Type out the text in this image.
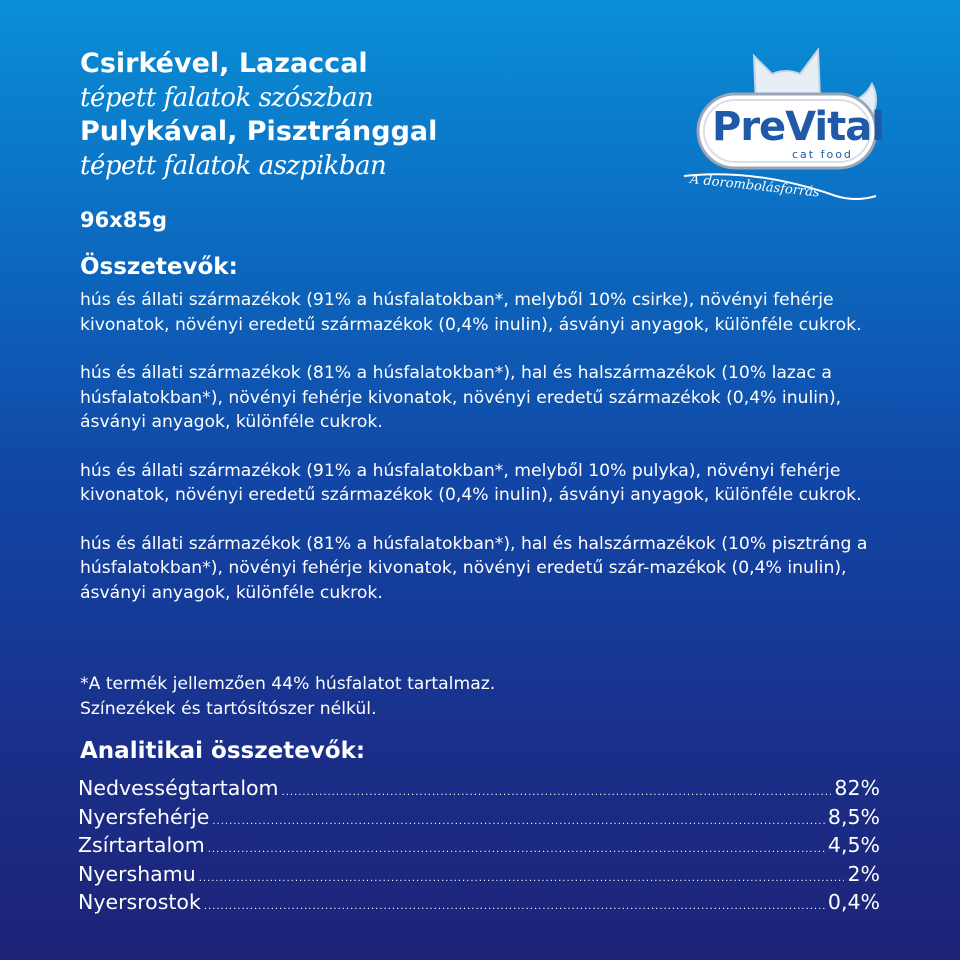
Csirkével, Lazaccal
tépett falatok szószban
Pulykával, Pisztránggal
tépett falatok aszpikban
96x85g
PreVital
cat food
A dorombolásforrás
Összetevők:

hús és állati származékok (91% a húsfalatokban*, melyből 10% csirke), növényi fehérje kivonatok, növényi eredetű származékok (0,4% inulin), ásványi anyagok, különféle cukrok.

hús és állati származékok (81% a húsfalatokban*), hal és halszármazékok (10% lazac a húsfalatokban*), növényi fehérje kivonatok, növényi eredetű származékok (0,4% inulin), ásványi anyagok, különféle cukrok.

hús és állati származékok (91% a húsfalatokban*, melyből 10% pulyka), növényi fehérje kivonatok, növényi eredetű származékok (0,4% inulin), ásványi anyagok, különféle cukrok.

hús és állati származékok (81% a húsfalatokban*), hal és halszármazékok (10% pisztráng a húsfalatokban*), növényi fehérje kivonatok, növényi eredetű szár-mazékok (0,4% inulin), ásványi anyagok, különféle cukrok.

*A termék jellemzően 44% húsfalatot tartalmaz.
Színezékek és tartósítószer nélkül.
Analitikai összetevők:
Nedvességtartalom .....	82%
Nyersfehérje .....	8,5%
Zsírtartalom .....	4,5%
Nyershamu .....	2%
Nyersrostok .....	0,4%
